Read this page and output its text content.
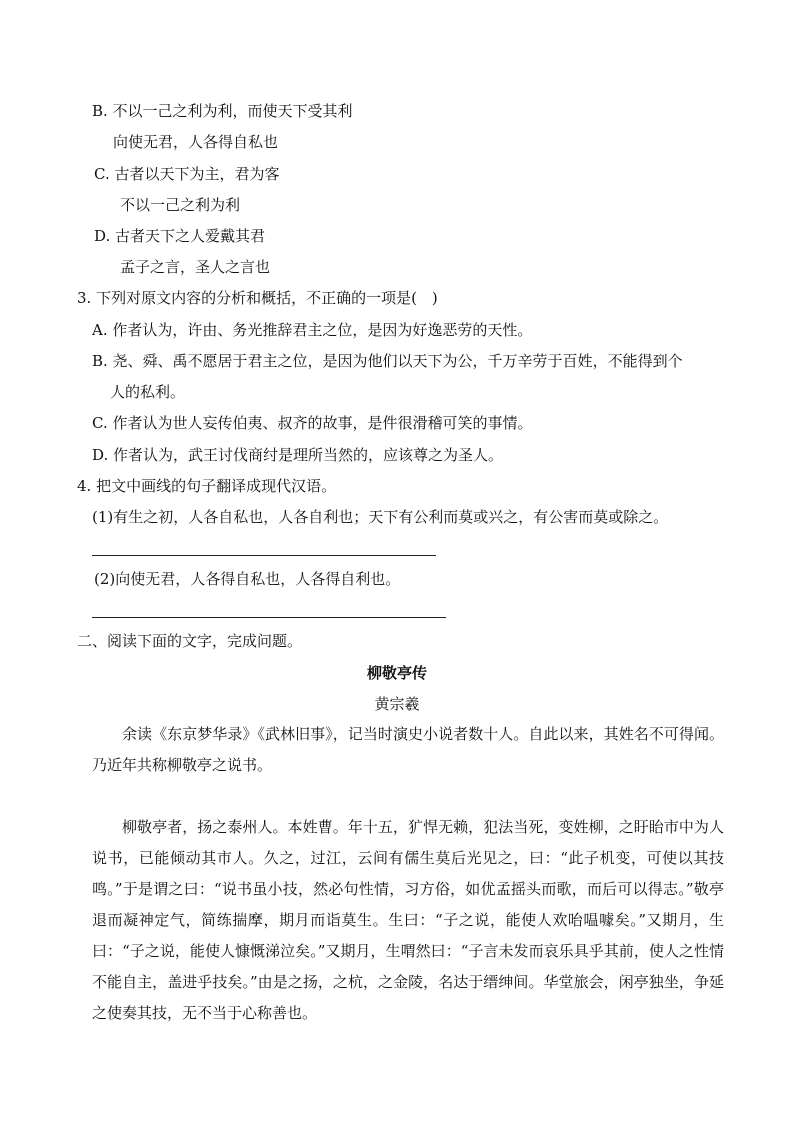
B. 不以一己之利为利，而使天下受其利
向使无君，人各得自私也
C. 古者以天下为主，君为客
不以一己之利为利
D. 古者天下之人爱戴其君
孟子之言，圣人之言也
3. 下列对原文内容的分析和概括，不正确的一项是(　)
A. 作者认为，许由、务光推辞君主之位，是因为好逸恶劳的天性。
B. 尧、舜、禹不愿居于君主之位，是因为他们以天下为公，千万辛劳于百姓，不能得到个
人的私利。
C. 作者认为世人妄传伯夷、叔齐的故事，是件很滑稽可笑的事情。
D. 作者认为，武王讨伐商纣是理所当然的，应该尊之为圣人。
4. 把文中画线的句子翻译成现代汉语。
(1)有生之初，人各自私也，人各自利也；天下有公利而莫或兴之，有公害而莫或除之。
(2)向使无君，人各得自私也，人各得自利也。
二、阅读下面的文字，完成问题。
柳敬亭传
黄宗羲

余读《东京梦华录》《武林旧事》，记当时演史小说者数十人。自此以来，其姓名不可得闻。乃近年共称柳敬亭之说书。

柳敬亭者，扬之泰州人。本姓曹。年十五，犷悍无赖，犯法当死，变姓柳，之盱眙市中为人说书，已能倾动其市人。久之，过江，云间有儒生莫后光见之，曰：“此子机变，可使以其技鸣。”于是谓之曰：“说书虽小技，然必句性情，习方俗，如优孟摇头而歌，而后可以得志。”敬亭退而凝神定气，简练揣摩，期月而诣莫生。生曰：“子之说，能使人欢咍嗢噱矣。”又期月，生曰：“子之说，能使人慷慨涕泣矣。”又期月，生喟然曰：“子言未发而哀乐具乎其前，使人之性情不能自主，盖进乎技矣。”由是之扬，之杭，之金陵，名达于缙绅间。华堂旅会，闲亭独坐，争延之使奏其技，无不当于心称善也。
